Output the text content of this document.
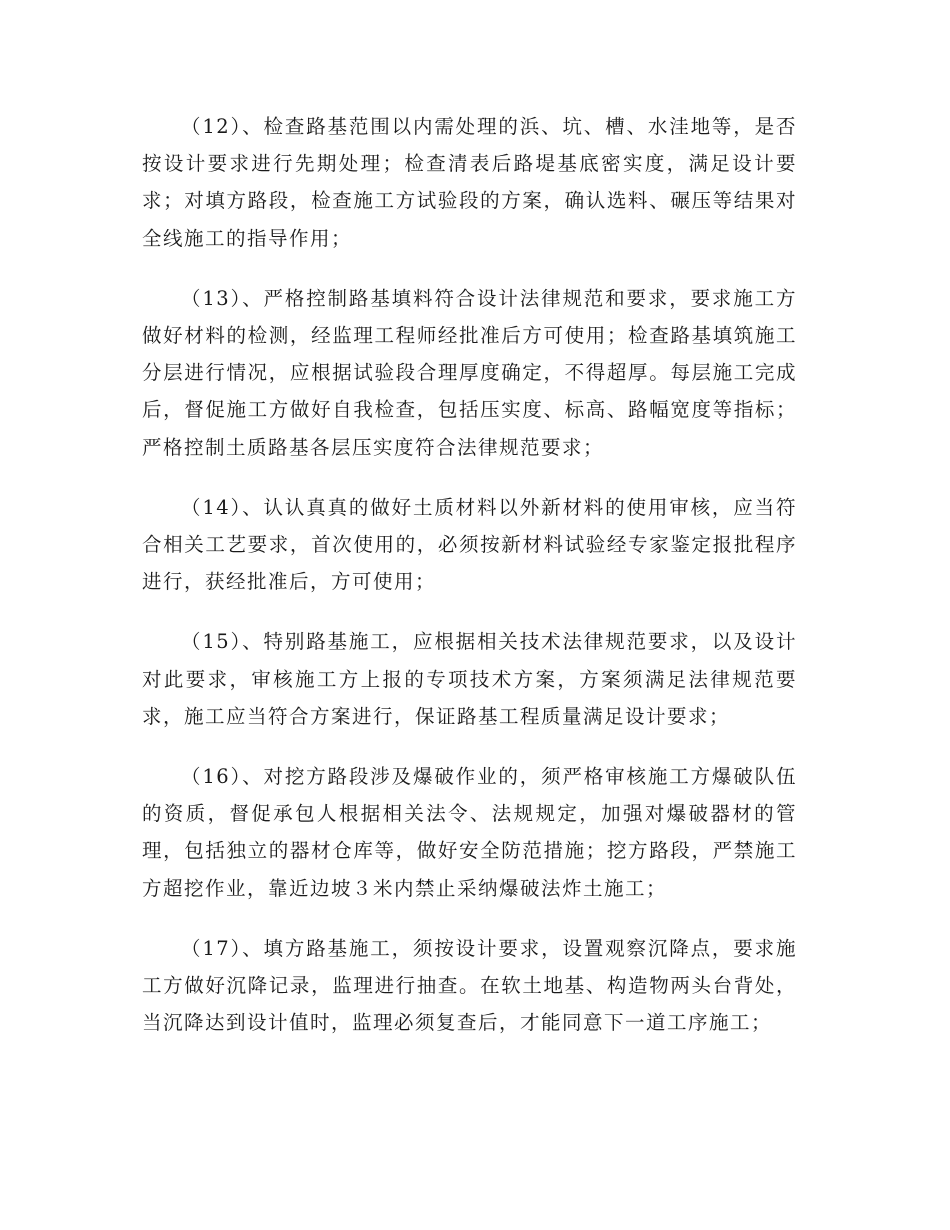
（12）、检查路基范围以内需处理的浜、坑、槽、水洼地等，是否按设计要求进行先期处理；检查清表后路堤基底密实度，满足设计要求；对填方路段，检查施工方试验段的方案，确认选料、碾压等结果对全线施工的指导作用；

（13）、严格控制路基填料符合设计法律规范和要求，要求施工方做好材料的检测，经监理工程师经批准后方可使用；检查路基填筑施工分层进行情况，应根据试验段合理厚度确定，不得超厚。每层施工完成后，督促施工方做好自我检查，包括压实度、标高、路幅宽度等指标；严格控制土质路基各层压实度符合法律规范要求；

（14）、认认真真的做好土质材料以外新材料的使用审核，应当符合相关工艺要求，首次使用的，必须按新材料试验经专家鉴定报批程序进行，获经批准后，方可使用；

（15）、特别路基施工，应根据相关技术法律规范要求，以及设计对此要求，审核施工方上报的专项技术方案，方案须满足法律规范要求，施工应当符合方案进行，保证路基工程质量满足设计要求；

（16）、对挖方路段涉及爆破作业的，须严格审核施工方爆破队伍的资质，督促承包人根据相关法令、法规规定，加强对爆破器材的管理，包括独立的器材仓库等，做好安全防范措施；挖方路段，严禁施工方超挖作业，靠近边坡３米内禁止采纳爆破法炸土施工；

（17）、填方路基施工，须按设计要求，设置观察沉降点，要求施工方做好沉降记录，监理进行抽查。在软土地基、构造物两头台背处，当沉降达到设计值时，监理必须复查后，才能同意下一道工序施工；
